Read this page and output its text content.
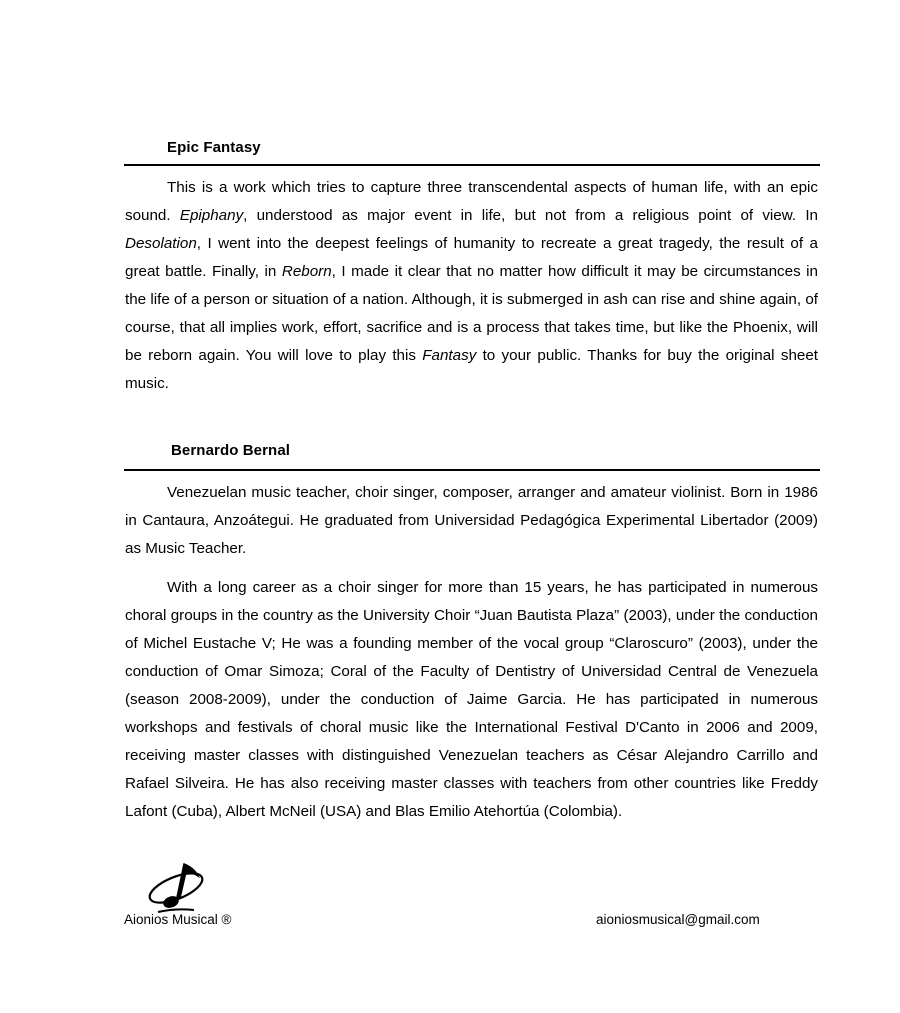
Epic Fantasy

This is a work which tries to capture three transcendental aspects of human life, with an epic sound. Epiphany, understood as major event in life, but not from a religious point of view. In Desolation, I went into the deepest feelings of humanity to recreate a great tragedy, the result of a great battle. Finally, in Reborn, I made it clear that no matter how difficult it may be circumstances in the life of a person or situation of a nation. Although, it is submerged in ash can rise and shine again, of course, that all implies work, effort, sacrifice and is a process that takes time, but like the Phoenix, will be reborn again. You will love to play this Fantasy to your public. Thanks for buy the original sheet music.

Bernardo Bernal

Venezuelan music teacher, choir singer, composer, arranger and amateur violinist. Born in 1986 in Cantaura, Anzoátegui. He graduated from Universidad Pedagógica Experimental Libertador (2009) as Music Teacher.

With a long career as a choir singer for more than 15 years, he has participated in numerous choral groups in the country as the University Choir “Juan Bautista Plaza” (2003), under the conduction of Michel Eustache V; He was a founding member of the vocal group “Claroscuro” (2003), under the conduction of Omar Simoza; Coral of the Faculty of Dentistry of Universidad Central de Venezuela (season 2008-2009), under the conduction of Jaime Garcia. He has participated in numerous workshops and festivals of choral music like the International Festival D'Canto in 2006 and 2009, receiving master classes with distinguished Venezuelan teachers as César Alejandro Carrillo and Rafael Silveira. He has also receiving master classes with teachers from other countries like Freddy Lafont (Cuba), Albert McNeil (USA) and Blas Emilio Atehortúa (Colombia).

Aionios Musical ®	aioniosmusical@gmail.com
